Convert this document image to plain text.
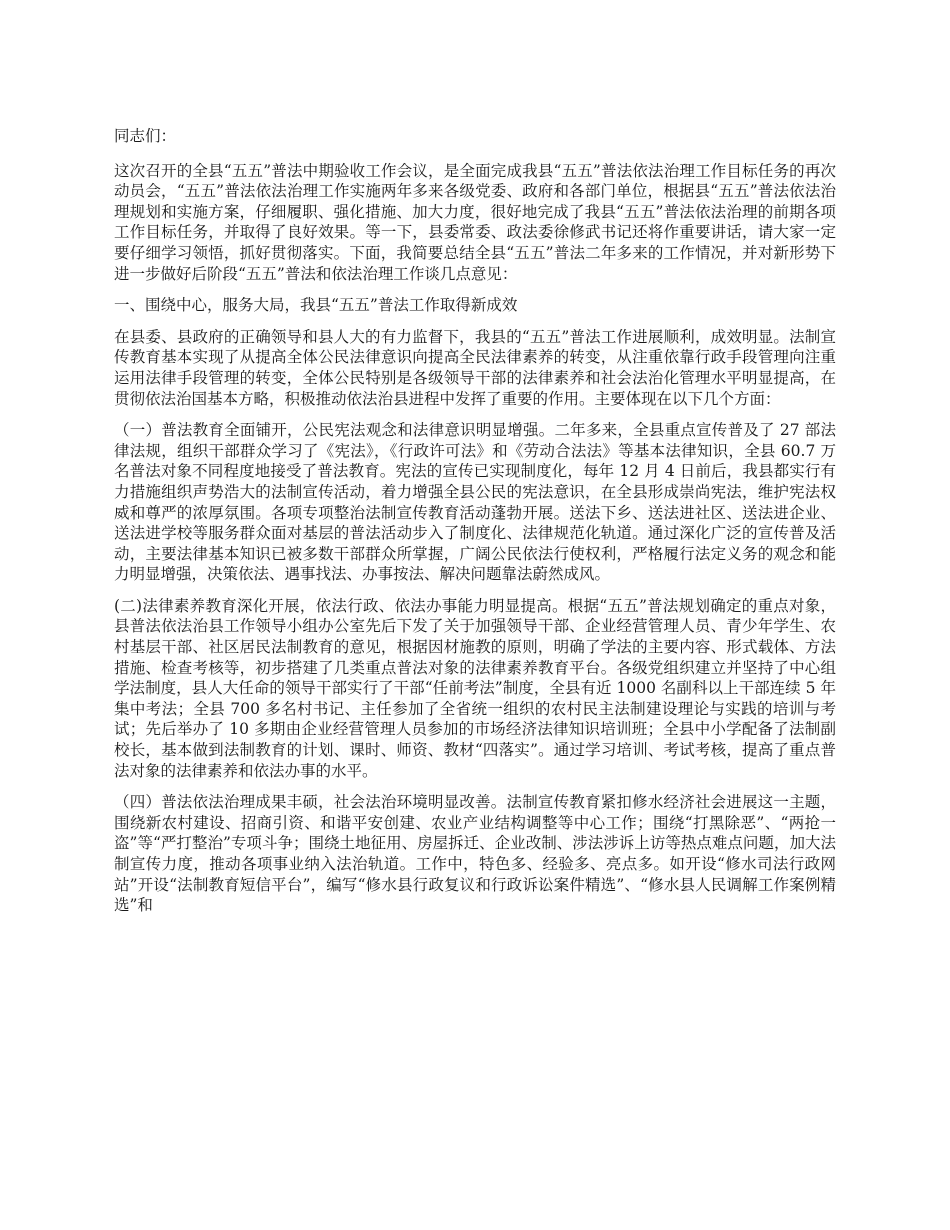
同志们：

这次召开的全县“五五”普法中期验收工作会议，是全面完成我县“五五”普法依法治理工作目标任务的再次动员会，“五五”普法依法治理工作实施两年多来各级党委、政府和各部门单位，根据县“五五”普法依法治理规划和实施方案，仔细履职、强化措施、加大力度，很好地完成了我县“五五”普法依法治理的前期各项工作目标任务，并取得了良好效果。等一下，县委常委、政法委徐修武书记还将作重要讲话，请大家一定要仔细学习领悟，抓好贯彻落实。下面，我简要总结全县“五五”普法二年多来的工作情况，并对新形势下进一步做好后阶段“五五”普法和依法治理工作谈几点意见：

一、围绕中心，服务大局，我县“五五”普法工作取得新成效

在县委、县政府的正确领导和县人大的有力监督下，我县的“五五”普法工作进展顺利，成效明显。法制宣传教育基本实现了从提高全体公民法律意识向提高全民法律素养的转变，从注重依靠行政手段管理向注重运用法律手段管理的转变，全体公民特别是各级领导干部的法律素养和社会法治化管理水平明显提高，在贯彻依法治国基本方略，积极推动依法治县进程中发挥了重要的作用。主要体现在以下几个方面：

（一）普法教育全面铺开，公民宪法观念和法律意识明显增强。二年多来，全县重点宣传普及了 27 部法律法规，组织干部群众学习了《宪法》，《行政许可法》和《劳动合法法》等基本法律知识，全县 60.7 万名普法对象不同程度地接受了普法教育。宪法的宣传已实现制度化，每年 12 月 4 日前后，我县都实行有力措施组织声势浩大的法制宣传活动，着力增强全县公民的宪法意识，在全县形成崇尚宪法，维护宪法权威和尊严的浓厚氛围。各项专项整治法制宣传教育活动蓬勃开展。送法下乡、送法进社区、送法进企业、送法进学校等服务群众面对基层的普法活动步入了制度化、法律规范化轨道。通过深化广泛的宣传普及活动，主要法律基本知识已被多数干部群众所掌握，广阔公民依法行使权利，严格履行法定义务的观念和能力明显增强，决策依法、遇事找法、办事按法、解决问题靠法蔚然成风。

(二)法律素养教育深化开展，依法行政、依法办事能力明显提高。根据“五五”普法规划确定的重点对象，县普法依法治县工作领导小组办公室先后下发了关于加强领导干部、企业经营管理人员、青少年学生、农村基层干部、社区居民法制教育的意见，根据因材施教的原则，明确了学法的主要内容、形式载体、方法措施、检查考核等，初步搭建了几类重点普法对象的法律素养教育平台。各级党组织建立并坚持了中心组学法制度，县人大任命的领导干部实行了干部“任前考法”制度，全县有近 1000 名副科以上干部连续 5 年集中考法；全县 700 多名村书记、主任参加了全省统一组织的农村民主法制建设理论与实践的培训与考试；先后举办了 10 多期由企业经营管理人员参加的市场经济法律知识培训班；全县中小学配备了法制副校长，基本做到法制教育的计划、课时、师资、教材“四落实”。通过学习培训、考试考核，提高了重点普法对象的法律素养和依法办事的水平。

（四）普法依法治理成果丰硕，社会法治环境明显改善。法制宣传教育紧扣修水经济社会进展这一主题，围绕新农村建设、招商引资、和谐平安创建、农业产业结构调整等中心工作；围绕“打黑除恶”、“两抢一盗”等“严打整治”专项斗争；围绕土地征用、房屋拆迁、企业改制、涉法涉诉上访等热点难点问题，加大法制宣传力度，推动各项事业纳入法治轨道。工作中，特色多、经验多、亮点多。如开设“修水司法行政网站”开设“法制教育短信平台”，编写“修水县行政复议和行政诉讼案件精选”、“修水县人民调解工作案例精选”和
